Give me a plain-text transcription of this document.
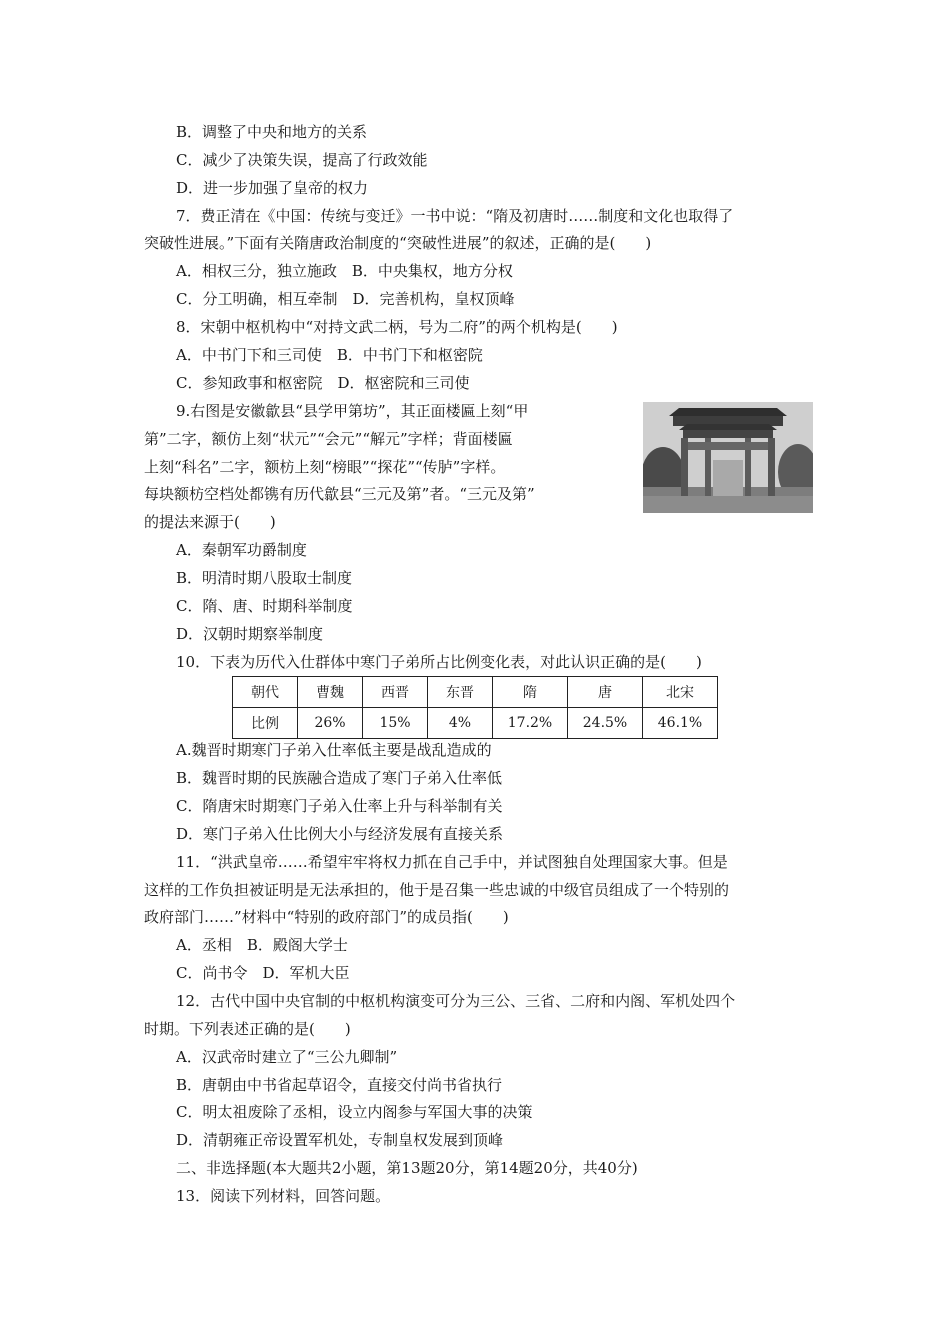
B．调整了中央和地方的关系
C．减少了决策失误，提高了行政效能
D．进一步加强了皇帝的权力
7．费正清在《中国：传统与变迁》一书中说：“隋及初唐时……制度和文化也取得了
突破性进展。”下面有关隋唐政治制度的“突破性进展”的叙述，正确的是(　　)
A．相权三分，独立施政　B．中央集权，地方分权
C．分工明确，相互牵制　D．完善机构，皇权顶峰
8．宋朝中枢机构中“对持文武二柄，号为二府”的两个机构是(　　)
A．中书门下和三司使　B．中书门下和枢密院
C．参知政事和枢密院　D．枢密院和三司使
9.右图是安徽歙县“县学甲第坊”，其正面楼匾上刻“甲
第”二字，额仿上刻“状元”“会元”“解元”字样；背面楼匾
上刻“科名”二字，额枋上刻“榜眼”“探花”“传胪”字样。
每块额枋空档处都镌有历代歙县“三元及第”者。“三元及第”
的提法来源于(　　)
A．秦朝军功爵制度
B．明清时期八股取士制度
C．隋、唐、时期科举制度
D．汉朝时期察举制度
10．下表为历代入仕群体中寒门子弟所占比例变化表，对此认识正确的是(　　)
朝代	曹魏	西晋	东晋	隋	唐	北宋
比例	26%	15%	4%	17.2%	24.5%	46.1%
A.魏晋时期寒门子弟入仕率低主要是战乱造成的
B．魏晋时期的民族融合造成了寒门子弟入仕率低
C．隋唐宋时期寒门子弟入仕率上升与科举制有关
D．寒门子弟入仕比例大小与经济发展有直接关系
11．“洪武皇帝……希望牢牢将权力抓在自己手中，并试图独自处理国家大事。但是
这样的工作负担被证明是无法承担的，他于是召集一些忠诚的中级官员组成了一个特别的
政府部门……”材料中“特别的政府部门”的成员指(　　)
A．丞相　B．殿阁大学士
C．尚书令　D．军机大臣
12．古代中国中央官制的中枢机构演变可分为三公、三省、二府和内阁、军机处四个
时期。下列表述正确的是(　　)
A．汉武帝时建立了“三公九卿制”
B．唐朝由中书省起草诏令，直接交付尚书省执行
C．明太祖废除了丞相，设立内阁参与军国大事的决策
D．清朝雍正帝设置军机处，专制皇权发展到顶峰
二、非选择题(本大题共2小题，第13题20分，第14题20分，共40分)
13．阅读下列材料，回答问题。
